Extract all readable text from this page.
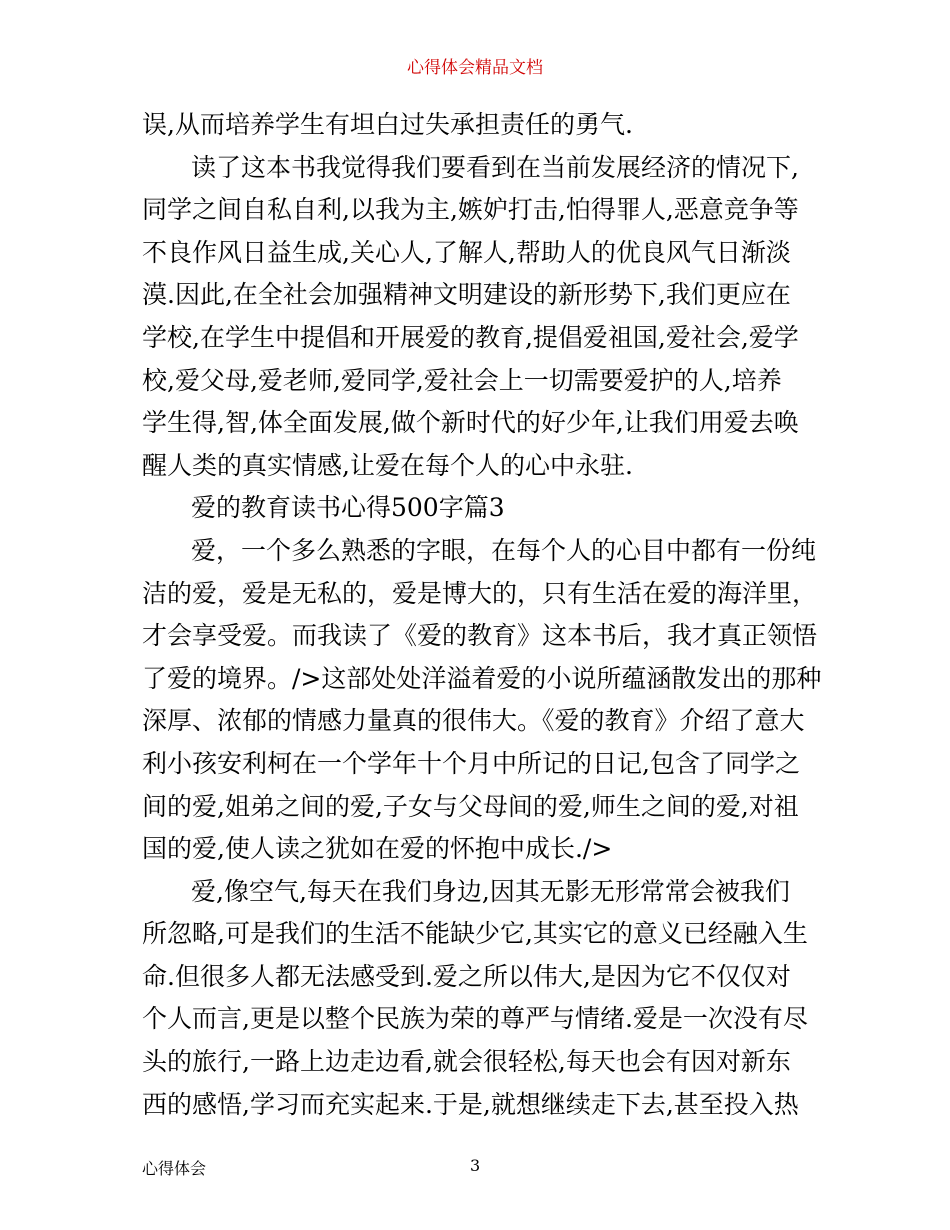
心得体会精品文档
误,从而培养学生有坦白过失承担责任的勇气.
读了这本书我觉得我们要看到在当前发展经济的情况下,
同学之间自私自利,以我为主,嫉妒打击,怕得罪人,恶意竞争等
不良作风日益生成,关心人,了解人,帮助人的优良风气日渐淡
漠.因此,在全社会加强精神文明建设的新形势下,我们更应在
学校,在学生中提倡和开展爱的教育,提倡爱祖国,爱社会,爱学
校,爱父母,爱老师,爱同学,爱社会上一切需要爱护的人,培养
学生得,智,体全面发展,做个新时代的好少年,让我们用爱去唤
醒人类的真实情感,让爱在每个人的心中永驻.
爱的教育读书心得500字篇3
爱，一个多么熟悉的字眼，在每个人的心目中都有一份纯
洁的爱，爱是无私的，爱是博大的，只有生活在爱的海洋里，
才会享受爱。而我读了《爱的教育》这本书后，我才真正领悟
了爱的境界。/>这部处处洋溢着爱的小说所蕴涵散发出的那种
深厚、浓郁的情感力量真的很伟大。《爱的教育》介绍了意大
利小孩安利柯在一个学年十个月中所记的日记,包含了同学之
间的爱,姐弟之间的爱,子女与父母间的爱,师生之间的爱,对祖
国的爱,使人读之犹如在爱的怀抱中成长./>
爱,像空气,每天在我们身边,因其无影无形常常会被我们
所忽略,可是我们的生活不能缺少它,其实它的意义已经融入生
命.但很多人都无法感受到.爱之所以伟大,是因为它不仅仅对
个人而言,更是以整个民族为荣的尊严与情绪.爱是一次没有尽
头的旅行,一路上边走边看,就会很轻松,每天也会有因对新东
西的感悟,学习而充实起来.于是,就想继续走下去,甚至投入热
心得体会	3
